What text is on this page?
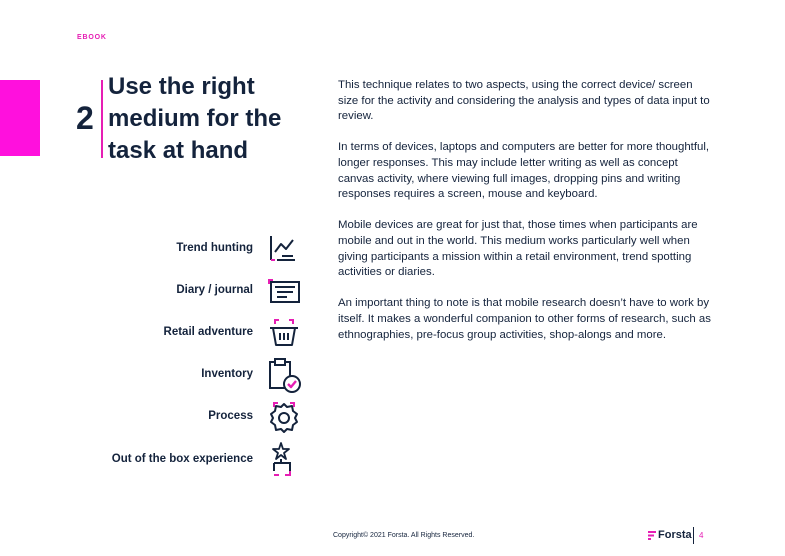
EBOOK
2
Use the right
medium for the
task at hand

This technique relates to two aspects, using the correct device/ screen size for the activity and considering the analysis and types of data input to review.

In terms of devices, laptops and computers are better for more thoughtful, longer responses. This may include letter writing as well as concept canvas activity, where viewing full images, dropping pins and writing responses requires a screen, mouse and keyboard.

Mobile devices are great for just that, those times when participants are mobile and out in the world. This medium works particularly well when giving participants a mission within a retail environment, trend spotting activities or diaries.

An important thing to note is that mobile research doesn’t have to work by itself. It makes a wonderful companion to other forms of research, such as ethnographies, pre-focus group activities, shop-alongs and more.

Trend hunting
Diary / journal
Retail adventure
Inventory
Process
Out of the box experience
Copyright© 2021 Forsta. All Rights Reserved.	Forsta 4
